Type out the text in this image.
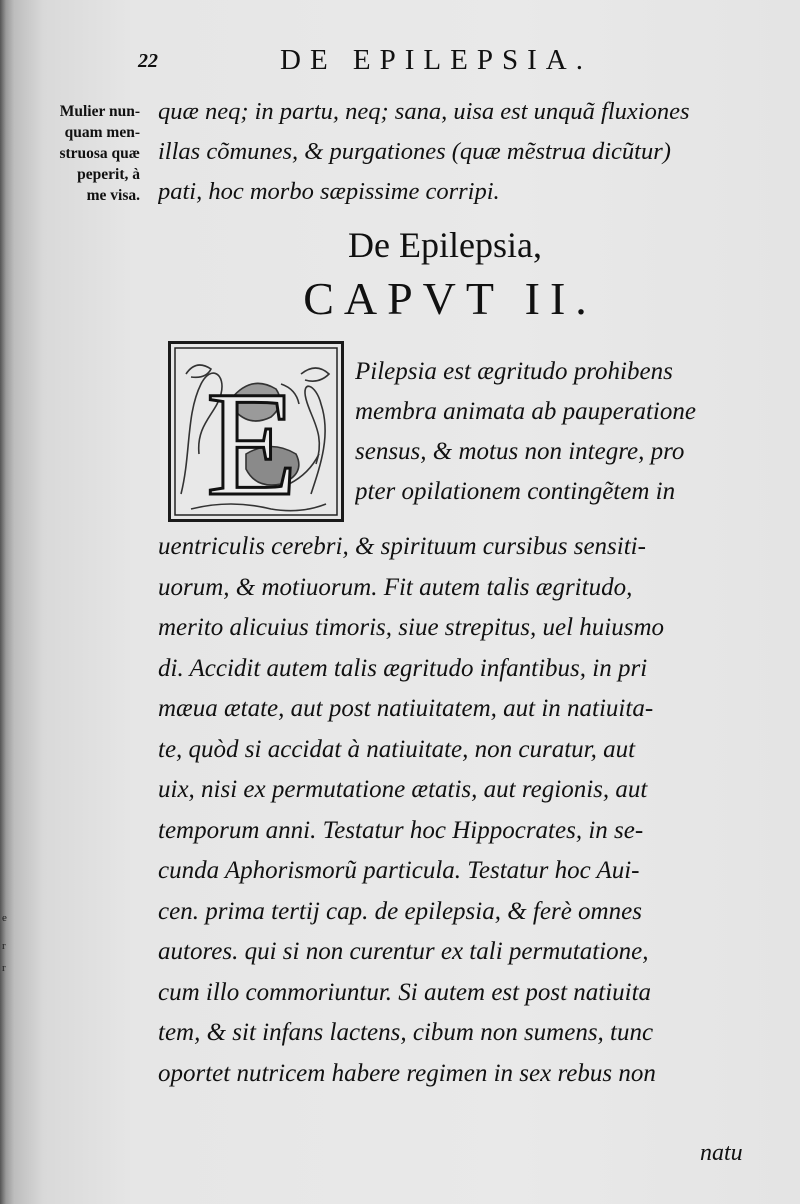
e
r
r
22	DE EPILEPSIA.
Mulier nun-
quam men-
struosa quæ
peperit, à
me visa.
quæ neq; in partu, neq; sana, uisa est unquã fluxiones
illas cõmunes, & purgationes (quæ mẽstrua dicũtur)
pati, hoc morbo sæpissime corripi.
De Epilepsia,
CAPVT II.
E Pilepsia est ægritudo prohibens
membra animata ab pauperatione
sensus, & motus non integre, pro
pter opilationem contingẽtem in
uentriculis cerebri, & spirituum cursibus sensiti-
uorum, & motiuorum. Fit autem talis ægritudo,
merito alicuius timoris, siue strepitus, uel huiusmo
di. Accidit autem talis ægritudo infantibus, in pri
mæua ætate, aut post natiuitatem, aut in natiuita-
te, quòd si accidat à natiuitate, non curatur, aut
uix, nisi ex permutatione ætatis, aut regionis, aut
temporum anni. Testatur hoc Hippocrates, in se-
cunda Aphorismorũ particula. Testatur hoc Aui-
cen. prima tertij cap. de epilepsia, & ferè omnes
autores. qui si non curentur ex tali permutatione,
cum illo commoriuntur. Si autem est post natiuita
tem, & sit infans lactens, cibum non sumens, tunc
oportet nutricem habere regimen in sex rebus non
natu
